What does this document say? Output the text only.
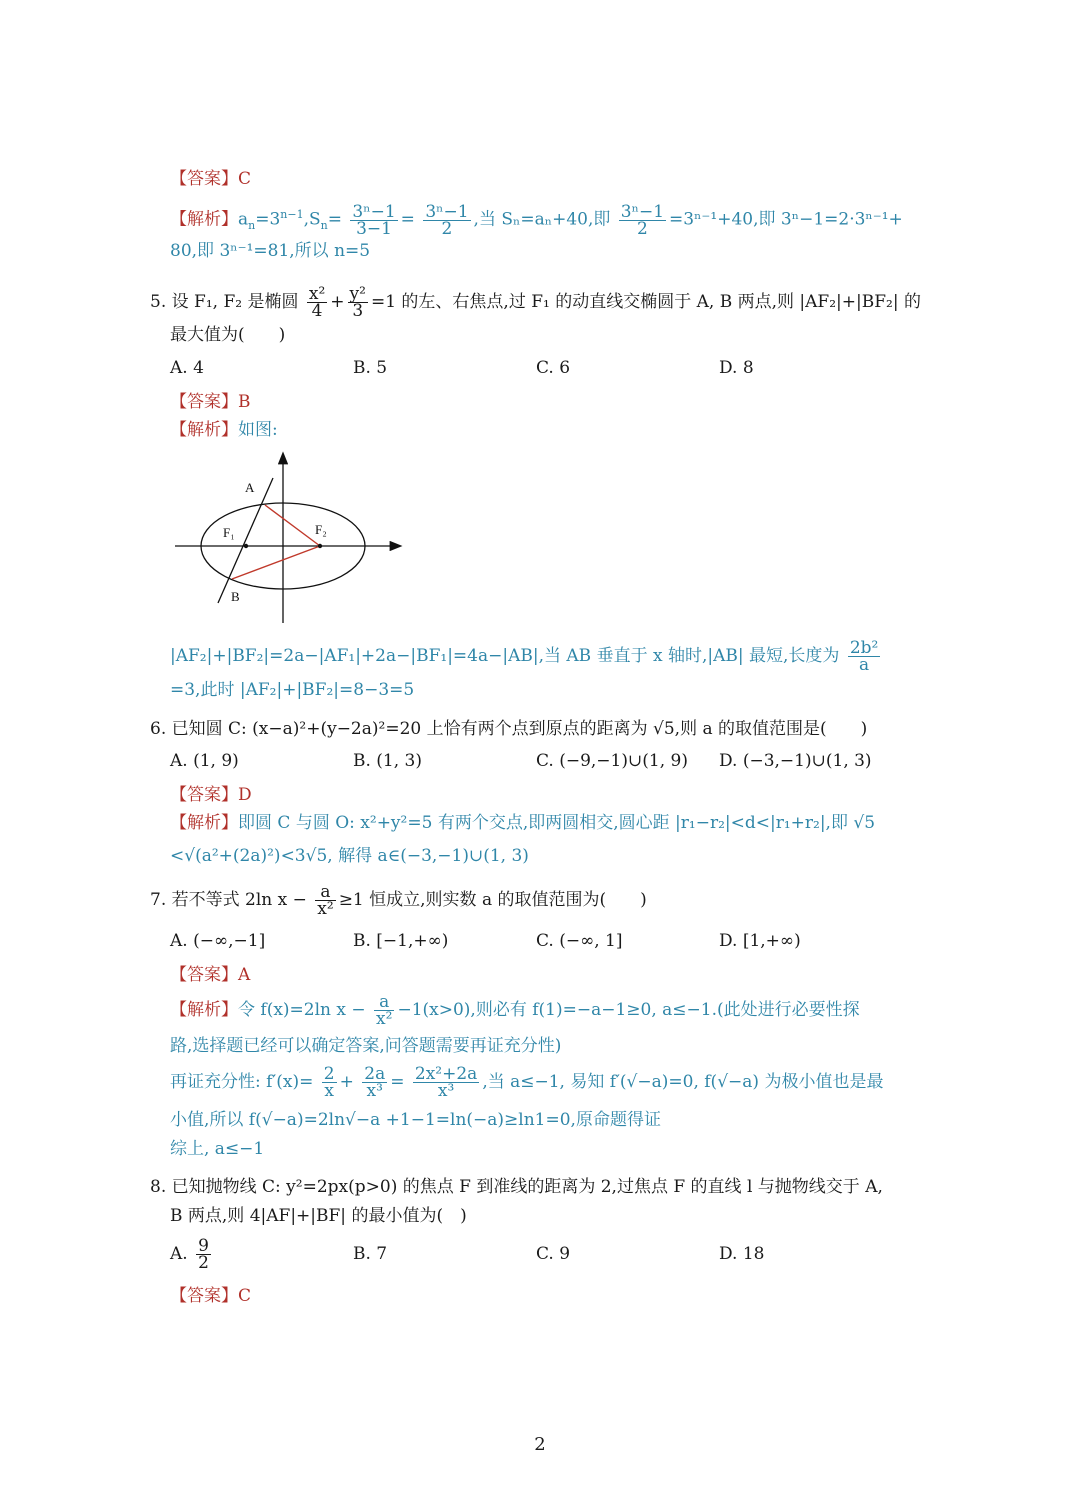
【答案】C
【解析】$a_n=3^{n-1},S_n= \frac{\text{3ⁿ−1}}{3-1} = \frac{\text{3ⁿ−1}}{2}$ ,当 Sₙ=aₙ+40,即 $\frac{\text{3ⁿ−1}}{2} =3^{n-1}+40$,即 3ⁿ−1=2·3ⁿ⁻¹+
80,即 3ⁿ⁻¹=81,所以 n=5
5. 设 F₁, F₂ 是椭圆 $\frac{\text{x²}}{4} + \frac{\text{y²}}{3} =1$ 的左、右焦点,过 F₁ 的动直线交椭圆于 A, B 两点,则 |AF₂|+|BF₂| 的
最大值为(　　)
A. 4	B. 5	C. 6	D. 8
【答案】B
【解析】如图:
A
B
F₁	F₂
|AF₂|+|BF₂|=2a−|AF₁|+2a−|BF₁|=4a−|AB|,当 AB 垂直于 x 轴时,|AB| 最短,长度为 $\frac{\text{2b²}}{a}$
=3,此时 |AF₂|+|BF₂|=8−3=5
6. 已知圆 C: (x−a)²+(y−2a)²=20 上恰有两个点到原点的距离为 √5,则 a 的取值范围是(　　)
A. (1, 9)	B. (1, 3)	C. (−9,−1)∪(1, 9) D. (−3,−1)∪(1, 3)
【答案】D
【解析】即圆 C 与圆 O: x²+y²=5 有两个交点,即两圆相交,圆心距 |r₁−r₂|<d<|r₁+r₂|,即 √5
<√(a²+(2a)²)<3√5, 解得 a∈(−3,−1)∪(1, 3)
7. 若不等式 2ln $x - \frac{a}{\text{x²}} \ge 1$ 恒成立,则实数 a 的取值范围为(　　)
A. (−∞,−1]	B. [−1,+∞)	C. (−∞, 1]	D. [1,+∞)
【答案】A
【解析】令 f(x)=2ln $x - \frac{a}{\text{x²}} -1(x>0)$,则必有 f(1)=−a−1≥0, a≤−1.(此处进行必要性探
路,选择题已经可以确定答案,问答题需要再证充分性)
再证充分性: $f'(x)= \frac{2}{x} + \frac{2a}{\text{x³}} = \frac{\text{2x²+2a}}{\text{x³}}$ ,当 a≤−1, 易知 f′(√−a)=0, f(√−a) 为极小值也是最
小值,所以 f(√−a)=2ln√−a +1−1=ln(−a)≥ln1=0,原命题得证
综上, a≤−1
8. 已知抛物线 C: y²=2px(p>0) 的焦点 F 到准线的距离为 2,过焦点 F 的直线 l 与抛物线交于 A,
B 两点,则 4|AF|+|BF| 的最小值为(　)
A. $\frac{9}{2}$	B. 7	C. 9	D. 18
【答案】C
2
